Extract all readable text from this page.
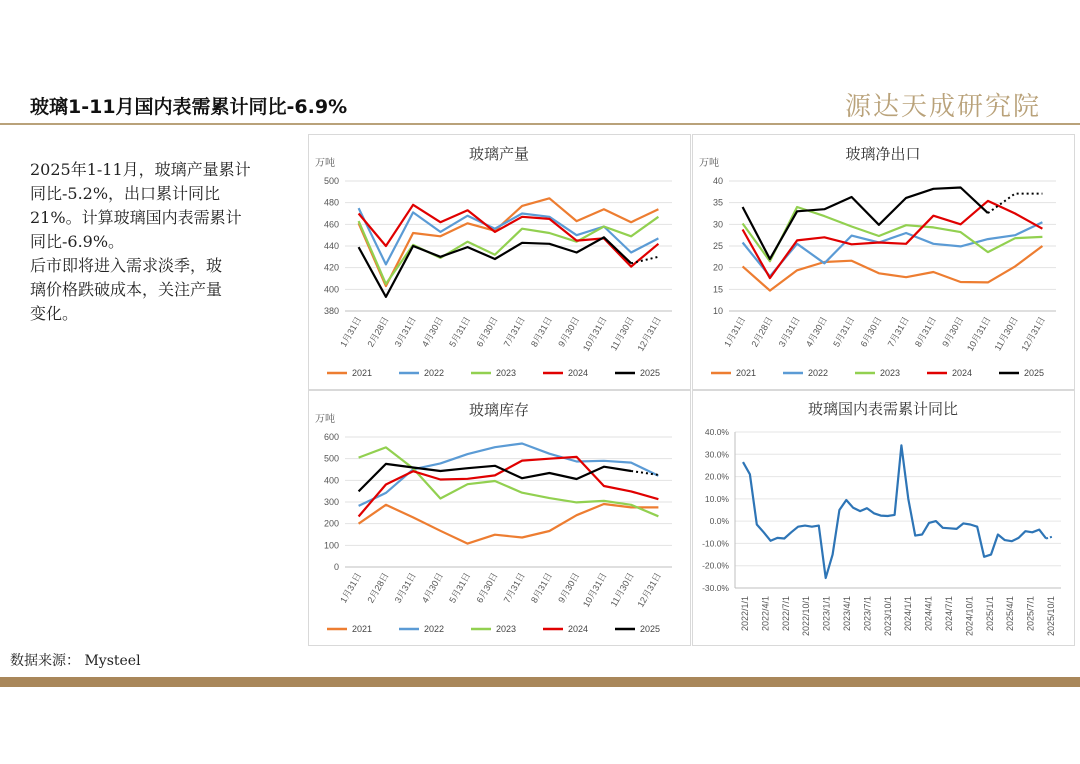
玻璃1-11月国内表需累计同比-6.9%	源达天成研究院

2025年1-11月，玻璃产量累计

同比-5.2%，出口累计同比

21%。计算玻璃国内表需累计

同比-6.9%。

后市即将进入需求淡季，玻

璃价格跌破成本，关注产量

变化。

玻璃产量
万吨
380
400
420
440
460
480
500
1月31日 2月28日 3月31日 4月30日 5月31日 6月30日 7月31日 8月31日 9月30日 10月31日 11月30日 12月31日
2021	2022	2023	2024	2025
玻璃净出口
万吨
10
15
20
25
30
35
40
1月31日 2月28日 3月31日 4月30日 5月31日 6月30日 7月31日 8月31日 9月30日 10月31日 11月30日 12月31日
2021	2022	2023	2024	2025
玻璃库存
万吨
0
100
200
300
400
500
600
1月31日 2月28日 3月31日 4月30日 5月31日 6月30日 7月31日 8月31日 9月30日 10月31日 11月30日 12月31日
2021	2022	2023	2024	2025
玻璃国内表需累计同比
-30.0%
-20.0%
-10.0%
0.0%
10.0%
20.0%
30.0%
40.0%
2022/1/1 2022/4/1 2022/7/1 2022/10/1 2023/1/1 2023/4/1 2023/7/1 2023/10/1 2024/1/1 2024/4/1 2024/7/1 2024/10/1 2025/1/1 2025/4/1 2025/7/1 2025/10/1
数据来源： Mysteel
